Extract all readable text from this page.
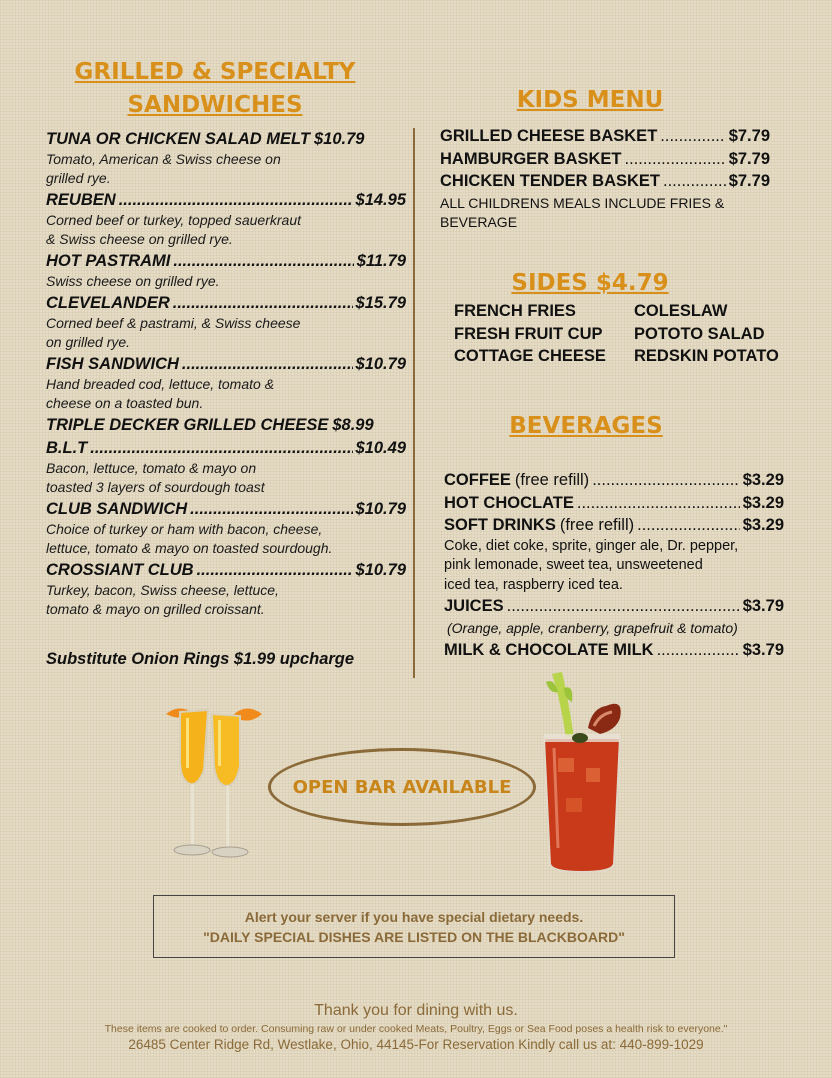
GRILLED & SPECIALTY
SANDWICHES
TUNA OR CHICKEN SALAD MELT $10.79
Tomato, American & Swiss cheese on
grilled rye.
REUBEN .....	$14.95
Corned beef or turkey, topped sauerkraut
& Swiss cheese on grilled rye.
HOT PASTRAMI .....	$11.79
Swiss cheese on grilled rye.
CLEVELANDER .....	$15.79
Corned beef & pastrami, & Swiss cheese
on grilled rye.
FISH SANDWICH .....	$10.79
Hand breaded cod, lettuce, tomato &
cheese on a toasted bun.
TRIPLE DECKER GRILLED CHEESE $8.99
B.L.T .....	$10.49
Bacon, lettuce, tomato & mayo on
toasted 3 layers of sourdough toast
CLUB SANDWICH .....	$10.79
Choice of turkey or ham with bacon, cheese,
lettuce, tomato & mayo on toasted sourdough.
CROSSIANT CLUB .....	$10.79
Turkey, bacon, Swiss cheese, lettuce,
tomato & mayo on grilled croissant.
Substitute Onion Rings $1.99 upcharge
KIDS MENU
GRILLED CHEESE BASKET .....	$7.79
HAMBURGER BASKET .....	$7.79
CHICKEN TENDER BASKET .....	$7.79
ALL CHILDRENS MEALS INCLUDE FRIES & BEVERAGE
SIDES $4.79
FRENCH FRIES	COLESLAW
FRESH FRUIT CUP	POTOTO SALAD
COTTAGE CHEESE	REDSKIN POTATO
BEVERAGES
COFFEE (free refill) .....	$3.29
HOT CHOCLATE .....	$3.29
SOFT DRINKS (free refill) .....	$3.29
Coke, diet coke, sprite, ginger ale, Dr. pepper,
pink lemonade, sweet tea, unsweetened
iced tea, raspberry iced tea.
JUICES .....	$3.79
(Orange, apple, cranberry, grapefruit & tomato)
MILK & CHOCOLATE MILK .....	$3.79
OPEN BAR AVAILABLE
Alert your server if you have special dietary needs.
"DAILY SPECIAL DISHES ARE LISTED ON THE BLACKBOARD"
Thank you for dining with us.
These items are cooked to order. Consuming raw or under cooked Meats, Poultry, Eggs or Sea Food poses a health risk to everyone."
26485 Center Ridge Rd, Westlake, Ohio, 44145-For Reservation Kindly call us at: 440-899-1029
